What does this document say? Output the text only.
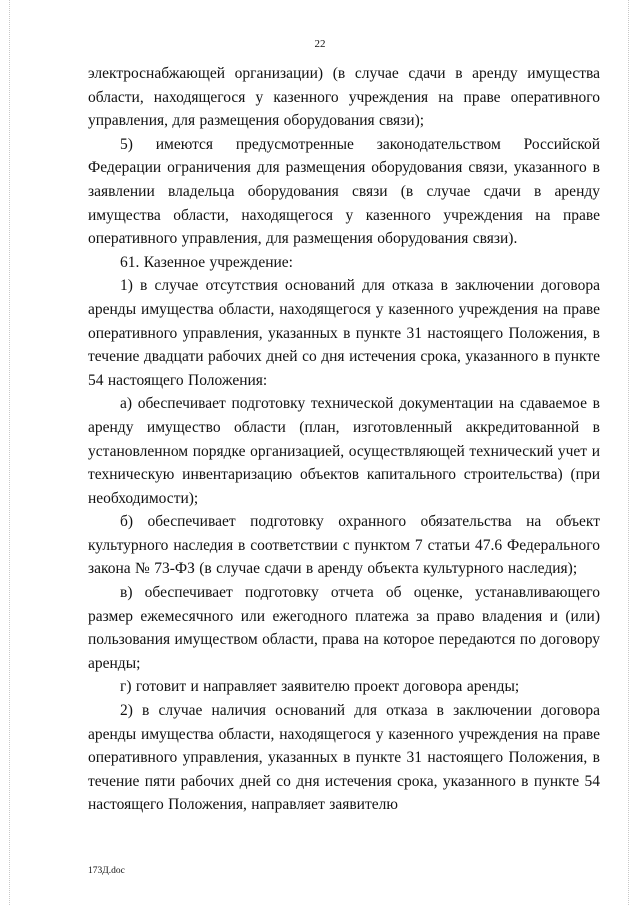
22

электроснабжающей организации) (в случае сдачи в аренду имущества области, находящегося у казенного учреждения на праве оперативного управления, для размещения оборудования связи);

5) имеются предусмотренные законодательством Российской Федерации ограничения для размещения оборудования связи, указанного в заявлении владельца оборудования связи (в случае сдачи в аренду имущества области, находящегося у казенного учреждения на праве оперативного управления, для размещения оборудования связи).

61. Казенное учреждение:

1) в случае отсутствия оснований для отказа в заключении договора аренды имущества области, находящегося у казенного учреждения на праве оперативного управления, указанных в пункте 31 настоящего Положения, в течение двадцати рабочих дней со дня истечения срока, указанного в пункте 54 настоящего Положения:

а) обеспечивает подготовку технической документации на сдаваемое в аренду имущество области (план, изготовленный аккредитованной в установленном порядке организацией, осуществляющей технический учет и техническую инвентаризацию объектов капитального строительства) (при необходимости);

б) обеспечивает подготовку охранного обязательства на объект культурного наследия в соответствии с пунктом 7 статьи 47.6 Федерального закона № 73-ФЗ (в случае сдачи в аренду объекта культурного наследия);

в) обеспечивает подготовку отчета об оценке, устанавливающего размер ежемесячного или ежегодного платежа за право владения и (или) пользования имуществом области, права на которое передаются по договору аренды;

г) готовит и направляет заявителю проект договора аренды;

2) в случае наличия оснований для отказа в заключении договора аренды имущества области, находящегося у казенного учреждения на праве оперативного управления, указанных в пункте 31 настоящего Положения, в течение пяти рабочих дней со дня истечения срока, указанного в пункте 54 настоящего Положения, направляет заявителю

173Д.doc
